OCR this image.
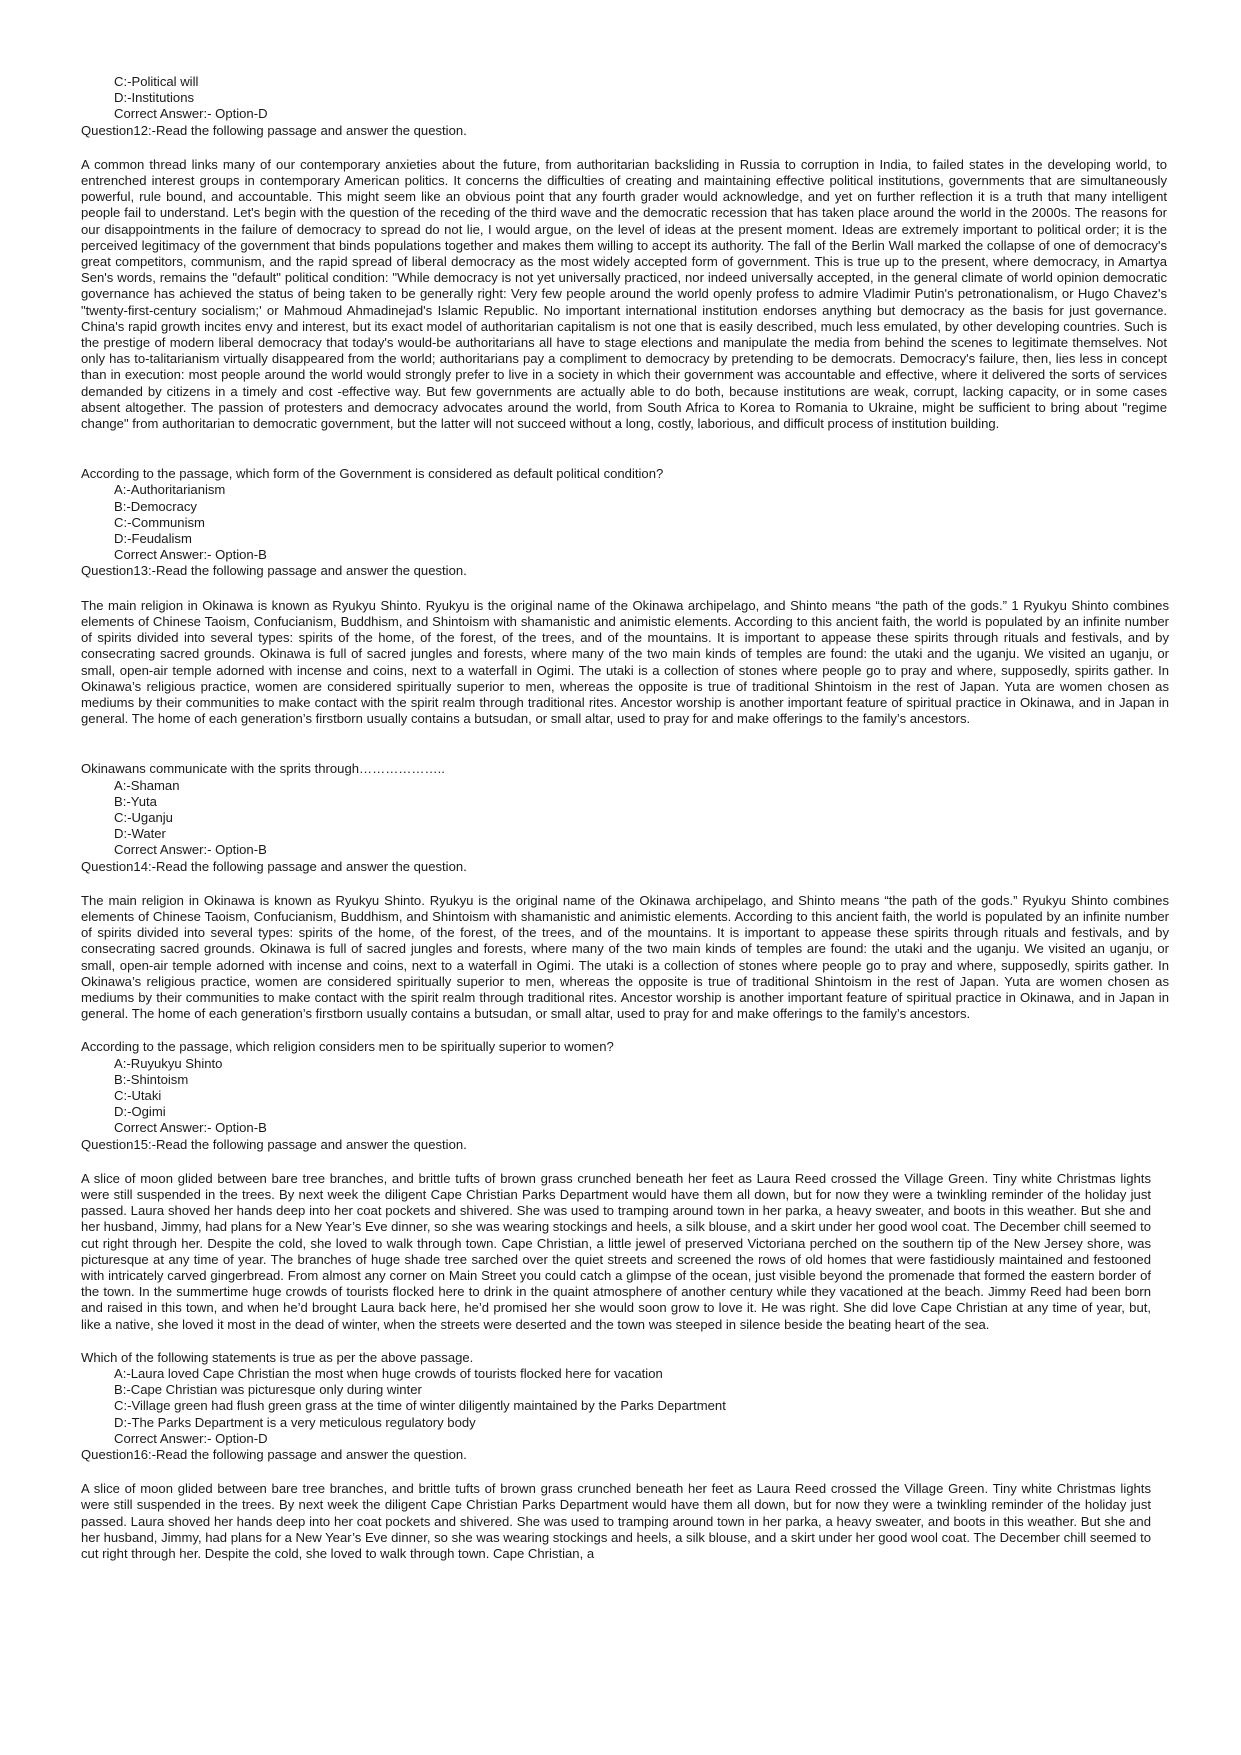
C:-Political will
D:-Institutions
Correct Answer:- Option-D
Question12:-Read the following passage and answer the question.

A common thread links many of our contemporary anxieties about the future, from authoritarian backsliding in Russia to corruption in India, to failed states in the developing world, to entrenched interest groups in contemporary American politics. It concerns the difficulties of creating and maintaining effective political institutions, governments that are simultaneously powerful, rule bound, and accountable. This might seem like an obvious point that any fourth grader would acknowledge, and yet on further reflection it is a truth that many intelligent people fail to understand. Let's begin with the question of the receding of the third wave and the democratic recession that has taken place around the world in the 2000s. The reasons for our disappointments in the failure of democracy to spread do not lie, I would argue, on the level of ideas at the present moment. Ideas are extremely important to political order; it is the perceived legitimacy of the government that binds populations together and makes them willing to accept its authority. The fall of the Berlin Wall marked the collapse of one of democracy's great competitors, communism, and the rapid spread of liberal democracy as the most widely accepted form of government. This is true up to the present, where democracy, in Amartya Sen's words, remains the "default" political condition: "While democracy is not yet universally practiced, nor indeed universally accepted, in the general climate of world opinion democratic governance has achieved the status of being taken to be generally right: Very few people around the world openly profess to admire Vladimir Putin's petronationalism, or Hugo Chavez's "twenty-first-century socialism;' or Mahmoud Ahmadinejad's Islamic Republic. No important international institution endorses anything but democracy as the basis for just governance. China's rapid growth incites envy and interest, but its exact model of authoritarian capitalism is not one that is easily described, much less emulated, by other developing countries. Such is the prestige of modern liberal democracy that today's would-be authoritarians all have to stage elections and manipulate the media from behind the scenes to legitimate themselves. Not only has to-talitarianism virtually disappeared from the world; authoritarians pay a compliment to democracy by pretending to be democrats. Democracy's failure, then, lies less in concept than in execution: most people around the world would strongly prefer to live in a society in which their government was accountable and effective, where it delivered the sorts of services demanded by citizens in a timely and cost -effective way. But few governments are actually able to do both, because institutions are weak, corrupt, lacking capacity, or in some cases absent altogether. The passion of protesters and democracy advocates around the world, from South Africa to Korea to Romania to Ukraine, might be sufficient to bring about "regime change" from authoritarian to democratic government, but the latter will not succeed without a long, costly, laborious, and difficult process of institution building.

According to the passage, which form of the Government is considered as default political condition?
A:-Authoritarianism
B:-Democracy
C:-Communism
D:-Feudalism
Correct Answer:- Option-B
Question13:-Read the following passage and answer the question.

The main religion in Okinawa is known as Ryukyu Shinto. Ryukyu is the original name of the Okinawa archipelago, and Shinto means “the path of the gods.” 1 Ryukyu Shinto combines elements of Chinese Taoism, Confucianism, Buddhism, and Shintoism with shamanistic and animistic elements. According to this ancient faith, the world is populated by an infinite number of spirits divided into several types: spirits of the home, of the forest, of the trees, and of the mountains. It is important to appease these spirits through rituals and festivals, and by consecrating sacred grounds. Okinawa is full of sacred jungles and forests, where many of the two main kinds of temples are found: the utaki and the uganju. We visited an uganju, or small, open-air temple adorned with incense and coins, next to a waterfall in Ogimi. The utaki is a collection of stones where people go to pray and where, supposedly, spirits gather. In Okinawa’s religious practice, women are considered spiritually superior to men, whereas the opposite is true of traditional Shintoism in the rest of Japan. Yuta are women chosen as mediums by their communities to make contact with the spirit realm through traditional rites. Ancestor worship is another important feature of spiritual practice in Okinawa, and in Japan in general. The home of each generation’s firstborn usually contains a butsudan, or small altar, used to pray for and make offerings to the family’s ancestors.

Okinawans communicate with the sprits through………………..
A:-Shaman
B:-Yuta
C:-Uganju
D:-Water
Correct Answer:- Option-B
Question14:-Read the following passage and answer the question.

The main religion in Okinawa is known as Ryukyu Shinto. Ryukyu is the original name of the Okinawa archipelago, and Shinto means “the path of the gods.” Ryukyu Shinto combines elements of Chinese Taoism, Confucianism, Buddhism, and Shintoism with shamanistic and animistic elements. According to this ancient faith, the world is populated by an infinite number of spirits divided into several types: spirits of the home, of the forest, of the trees, and of the mountains. It is important to appease these spirits through rituals and festivals, and by consecrating sacred grounds. Okinawa is full of sacred jungles and forests, where many of the two main kinds of temples are found: the utaki and the uganju. We visited an uganju, or small, open-air temple adorned with incense and coins, next to a waterfall in Ogimi. The utaki is a collection of stones where people go to pray and where, supposedly, spirits gather. In Okinawa’s religious practice, women are considered spiritually superior to men, whereas the opposite is true of traditional Shintoism in the rest of Japan. Yuta are women chosen as mediums by their communities to make contact with the spirit realm through traditional rites. Ancestor worship is another important feature of spiritual practice in Okinawa, and in Japan in general. The home of each generation’s firstborn usually contains a butsudan, or small altar, used to pray for and make offerings to the family’s ancestors.

According to the passage, which religion considers men to be spiritually superior to women?
A:-Ruyukyu Shinto
B:-Shintoism
C:-Utaki
D:-Ogimi
Correct Answer:- Option-B
Question15:-Read the following passage and answer the question.

A slice of moon glided between bare tree branches, and brittle tufts of brown grass crunched beneath her feet as Laura Reed crossed the Village Green. Tiny white Christmas lights were still suspended in the trees. By next week the diligent Cape Christian Parks Department would have them all down, but for now they were a twinkling reminder of the holiday just passed. Laura shoved her hands deep into her coat pockets and shivered. She was used to tramping around town in her parka, a heavy sweater, and boots in this weather. But she and her husband, Jimmy, had plans for a New Year’s Eve dinner, so she was wearing stockings and heels, a silk blouse, and a skirt under her good wool coat. The December chill seemed to cut right through her. Despite the cold, she loved to walk through town. Cape Christian, a little jewel of preserved Victoriana perched on the southern tip of the New Jersey shore, was picturesque at any time of year. The branches of huge shade tree sarched over the quiet streets and screened the rows of old homes that were fastidiously maintained and festooned with intricately carved gingerbread. From almost any corner on Main Street you could catch a glimpse of the ocean, just visible beyond the promenade that formed the eastern border of the town. In the summertime huge crowds of tourists flocked here to drink in the quaint atmosphere of another century while they vacationed at the beach. Jimmy Reed had been born and raised in this town, and when he’d brought Laura back here, he’d promised her she would soon grow to love it. He was right. She did love Cape Christian at any time of year, but, like a native, she loved it most in the dead of winter, when the streets were deserted and the town was steeped in silence beside the beating heart of the sea.

Which of the following statements is true as per the above passage.
A:-Laura loved Cape Christian the most when huge crowds of tourists flocked here for vacation
B:-Cape Christian was picturesque only during winter
C:-Village green had flush green grass at the time of winter diligently maintained by the Parks Department
D:-The Parks Department is a very meticulous regulatory body
Correct Answer:- Option-D
Question16:-Read the following passage and answer the question.

A slice of moon glided between bare tree branches, and brittle tufts of brown grass crunched beneath her feet as Laura Reed crossed the Village Green. Tiny white Christmas lights were still suspended in the trees. By next week the diligent Cape Christian Parks Department would have them all down, but for now they were a twinkling reminder of the holiday just passed. Laura shoved her hands deep into her coat pockets and shivered. She was used to tramping around town in her parka, a heavy sweater, and boots in this weather. But she and her husband, Jimmy, had plans for a New Year’s Eve dinner, so she was wearing stockings and heels, a silk blouse, and a skirt under her good wool coat. The December chill seemed to cut right through her. Despite the cold, she loved to walk through town. Cape Christian, a
